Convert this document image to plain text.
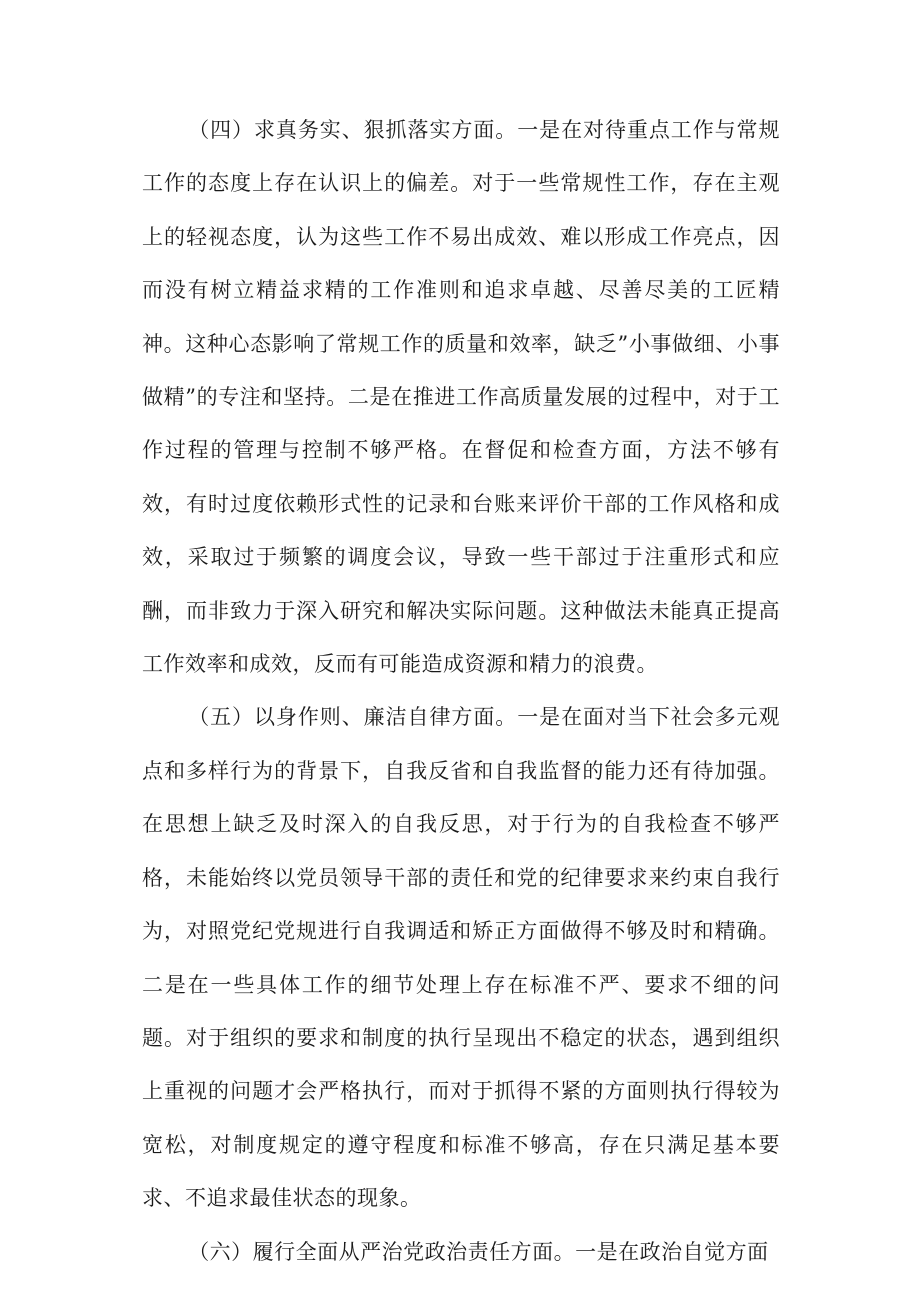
（四）求真务实、狠抓落实方面。一是在对待重点工作与常规工作的态度上存在认识上的偏差。对于一些常规性工作，存在主观上的轻视态度，认为这些工作不易出成效、难以形成工作亮点，因而没有树立精益求精的工作准则和追求卓越、尽善尽美的工匠精神。这种心态影响了常规工作的质量和效率，缺乏”小事做细、小事做精”的专注和坚持。二是在推进工作高质量发展的过程中，对于工作过程的管理与控制不够严格。在督促和检查方面，方法不够有效，有时过度依赖形式性的记录和台账来评价干部的工作风格和成效，采取过于频繁的调度会议，导致一些干部过于注重形式和应酬，而非致力于深入研究和解决实际问题。这种做法未能真正提高工作效率和成效，反而有可能造成资源和精力的浪费。

（五）以身作则、廉洁自律方面。一是在面对当下社会多元观点和多样行为的背景下，自我反省和自我监督的能力还有待加强。在思想上缺乏及时深入的自我反思，对于行为的自我检查不够严格，未能始终以党员领导干部的责任和党的纪律要求来约束自我行为，对照党纪党规进行自我调适和矫正方面做得不够及时和精确。二是在一些具体工作的细节处理上存在标准不严、要求不细的问题。对于组织的要求和制度的执行呈现出不稳定的状态，遇到组织上重视的问题才会严格执行，而对于抓得不紧的方面则执行得较为宽松，对制度规定的遵守程度和标准不够高，存在只满足基本要求、不追求最佳状态的现象。

（六）履行全面从严治党政治责任方面。一是在政治自觉方面
